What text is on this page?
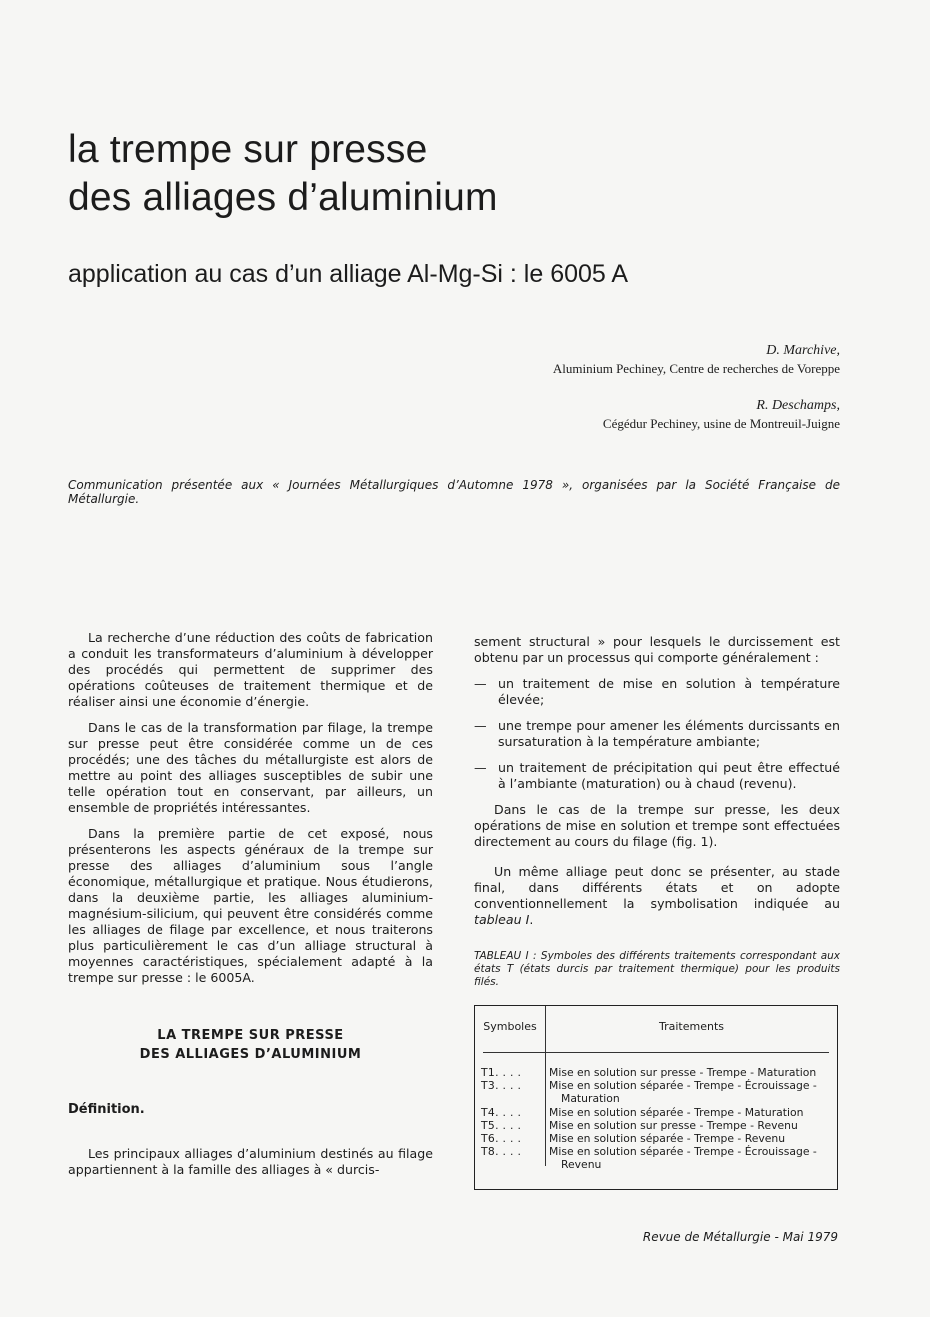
la trempe sur presse
des alliages d’aluminium
application au cas d’un alliage Al-Mg-Si : le 6005 A
D. Marchive,
Aluminium Pechiney, Centre de recherches de Voreppe
R. Deschamps,
Cégédur Pechiney, usine de Montreuil-Juigne
Communication présentée aux « Journées Métallurgiques d’Automne 1978 », organisées par la Société Française de Métallurgie.

La recherche d’une réduction des coûts de fabrication a conduit les transformateurs d’aluminium à développer des procédés qui permettent de supprimer des opérations coûteuses de traitement thermique et de réaliser ainsi une économie d’énergie.

Dans le cas de la transformation par filage, la trempe sur presse peut être considérée comme un de ces procédés; une des tâches du métallurgiste est alors de mettre au point des alliages susceptibles de subir une telle opération tout en conservant, par ailleurs, un ensemble de propriétés intéressantes.

Dans la première partie de cet exposé, nous présenterons les aspects généraux de la trempe sur presse des alliages d’aluminium sous l’angle économique, métallurgique et pratique. Nous étudierons, dans la deuxième partie, les alliages aluminium-magnésium-silicium, qui peuvent être considérés comme les alliages de filage par excellence, et nous traiterons plus particulièrement le cas d’un alliage structural à moyennes caractéristiques, spécialement adapté à la trempe sur presse : le 6005A.

LA TREMPE SUR PRESSE
DES ALLIAGES D’ALUMINIUM

Définition.

Les principaux alliages d’aluminium destinés au filage appartiennent à la famille des alliages à « durcis-

sement structural » pour lesquels le durcissement est obtenu par un processus qui comporte généralement :

— un traitement de mise en solution à température élevée;
— une trempe pour amener les éléments durcissants en sursaturation à la température ambiante;
— un traitement de précipitation qui peut être effectué à l’ambiante (maturation) ou à chaud (revenu).

Dans le cas de la trempe sur presse, les deux opérations de mise en solution et trempe sont effectuées directement au cours du filage (fig. 1).

Un même alliage peut donc se présenter, au stade final, dans différents états et on adopte conventionnellement la symbolisation indiquée au tableau I.

TABLEAU I : Symboles des différents traitements correspondant aux états T (états durcis par traitement thermique) pour les produits filés.
Symboles	Traitements
T1. . . .	Mise en solution sur presse - Trempe - Maturation
T3. . . .	Mise en solution séparée - Trempe - Écrouissage - Maturation
T4. . . .	Mise en solution séparée - Trempe - Maturation
T5. . . .	Mise en solution sur presse - Trempe - Revenu
T6. . . .	Mise en solution séparée - Trempe - Revenu
T8. . . .	Mise en solution séparée - Trempe - Écrouissage - Revenu
Revue de Métallurgie - Mai 1979
